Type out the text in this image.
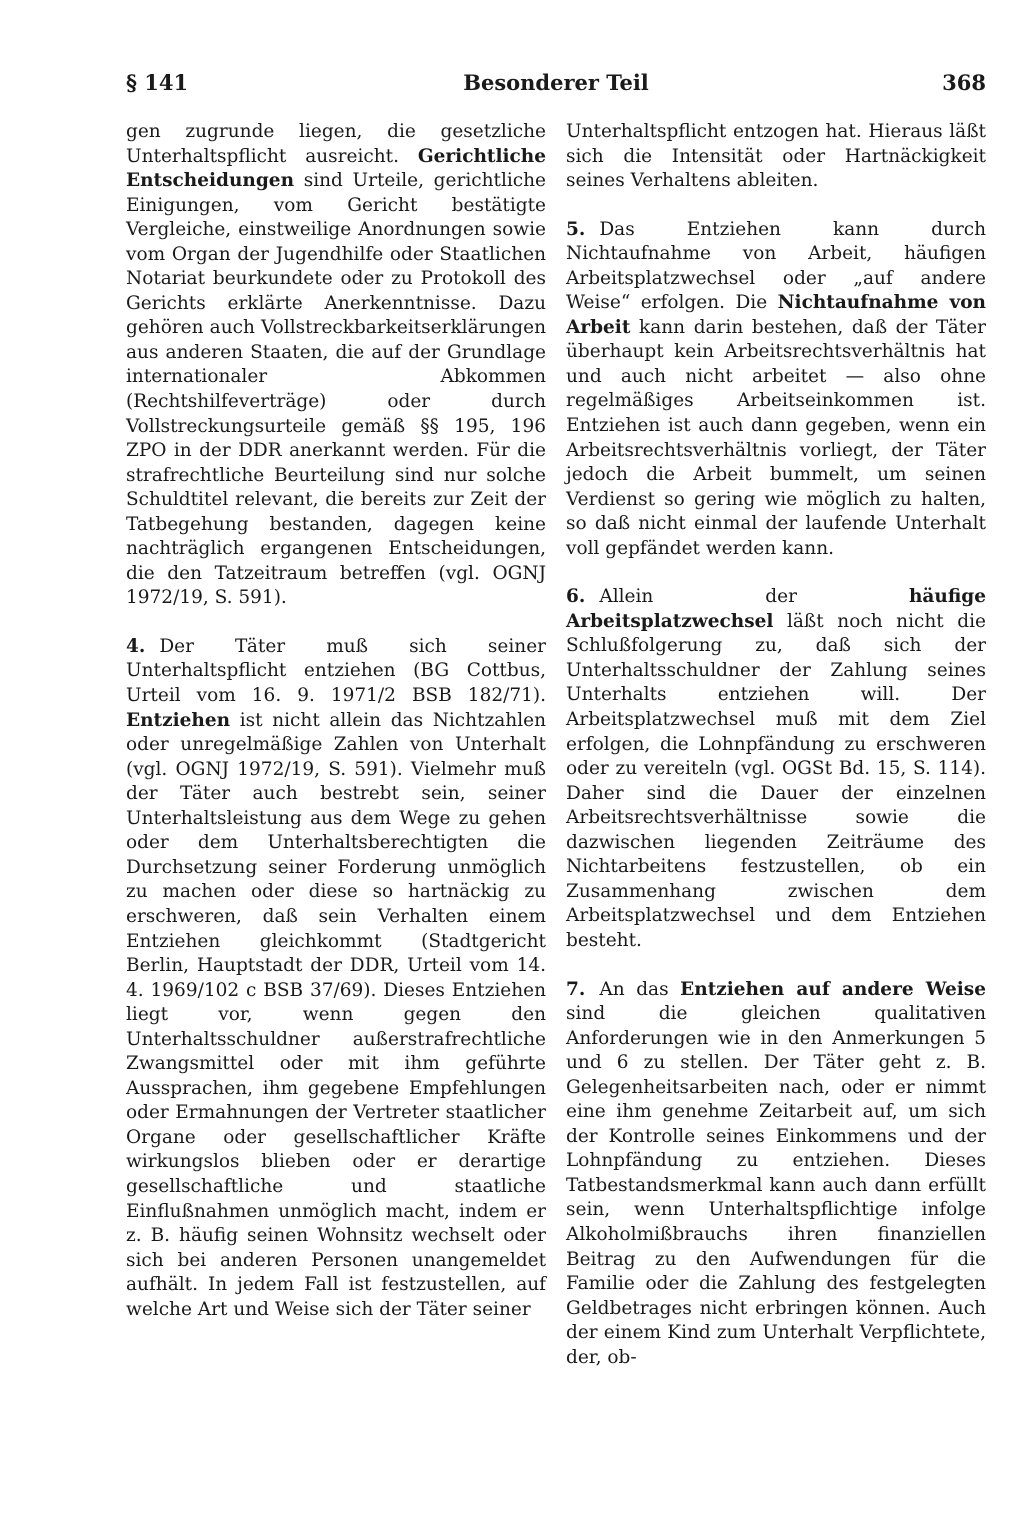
§ 141	Besonderer Teil	368

gen zugrunde liegen, die gesetzliche Unterhaltspflicht ausreicht. Gerichtliche Entscheidungen sind Urteile, gerichtliche Einigungen, vom Gericht bestätigte Vergleiche, einstweilige Anordnungen sowie vom Organ der Jugendhilfe oder Staatlichen Notariat beurkundete oder zu Protokoll des Gerichts erklärte Anerkenntnisse. Dazu gehören auch Vollstreckbarkeitserklärungen aus anderen Staaten, die auf der Grundlage internationaler Abkommen (Rechtshilfeverträge) oder durch Vollstreckungsurteile gemäß §§ 195, 196 ZPO in der DDR anerkannt werden. Für die strafrechtliche Beurteilung sind nur solche Schuldtitel relevant, die bereits zur Zeit der Tatbegehung bestanden, dagegen keine nachträglich ergangenen Entscheidungen, die den Tatzeitraum betreffen (vgl. OGNJ 1972/19, S. 591).

4. Der Täter muß sich seiner Unterhaltspflicht entziehen (BG Cottbus, Urteil vom 16. 9. 1971/2 BSB 182/71). Entziehen ist nicht allein das Nichtzahlen oder unregelmäßige Zahlen von Unterhalt (vgl. OGNJ 1972/19, S. 591). Vielmehr muß der Täter auch bestrebt sein, seiner Unterhaltsleistung aus dem Wege zu gehen oder dem Unterhaltsberechtigten die Durchsetzung seiner Forderung unmöglich zu machen oder diese so hartnäckig zu erschweren, daß sein Verhalten einem Entziehen gleichkommt (Stadtgericht Berlin, Hauptstadt der DDR, Urteil vom 14. 4. 1969/102 c BSB 37/69). Dieses Entziehen liegt vor, wenn gegen den Unterhaltsschuldner außerstrafrechtliche Zwangsmittel oder mit ihm geführte Aussprachen, ihm gegebene Empfehlungen oder Ermahnungen der Vertreter staatlicher Organe oder gesellschaftlicher Kräfte wirkungslos blieben oder er derartige gesellschaftliche und staatliche Einflußnahmen unmöglich macht, indem er z. B. häufig seinen Wohnsitz wechselt oder sich bei anderen Personen unangemeldet aufhält. In jedem Fall ist festzustellen, auf welche Art und Weise sich der Täter seiner

Unterhaltspflicht entzogen hat. Hieraus läßt sich die Intensität oder Hartnäckigkeit seines Verhaltens ableiten.

5. Das Entziehen kann durch Nichtaufnahme von Arbeit, häufigen Arbeitsplatzwechsel oder „auf andere Weise“ erfolgen. Die Nichtaufnahme von Arbeit kann darin bestehen, daß der Täter überhaupt kein Arbeitsrechtsverhältnis hat und auch nicht arbeitet — also ohne regelmäßiges Arbeitseinkommen ist. Entziehen ist auch dann gegeben, wenn ein Arbeitsrechtsverhältnis vorliegt, der Täter jedoch die Arbeit bummelt, um seinen Verdienst so gering wie möglich zu halten, so daß nicht einmal der laufende Unterhalt voll gepfändet werden kann.

6. Allein der häufige Arbeitsplatzwechsel läßt noch nicht die Schlußfolgerung zu, daß sich der Unterhaltsschuldner der Zahlung seines Unterhalts entziehen will. Der Arbeitsplatzwechsel muß mit dem Ziel erfolgen, die Lohnpfändung zu erschweren oder zu vereiteln (vgl. OGSt Bd. 15, S. 114). Daher sind die Dauer der einzelnen Arbeitsrechtsverhältnisse sowie die dazwischen liegenden Zeiträume des Nichtarbeitens festzustellen, ob ein Zusammenhang zwischen dem Arbeitsplatzwechsel und dem Entziehen besteht.

7. An das Entziehen auf andere Weise sind die gleichen qualitativen Anforderungen wie in den Anmerkungen 5 und 6 zu stellen. Der Täter geht z. B. Gelegenheitsarbeiten nach, oder er nimmt eine ihm genehme Zeitarbeit auf, um sich der Kontrolle seines Einkommens und der Lohnpfändung zu entziehen. Dieses Tatbestandsmerkmal kann auch dann erfüllt sein, wenn Unterhaltspflichtige infolge Alkoholmißbrauchs ihren finanziellen Beitrag zu den Aufwendungen für die Familie oder die Zahlung des festgelegten Geldbetrages nicht erbringen können. Auch der einem Kind zum Unterhalt Verpflichtete, der, ob-
